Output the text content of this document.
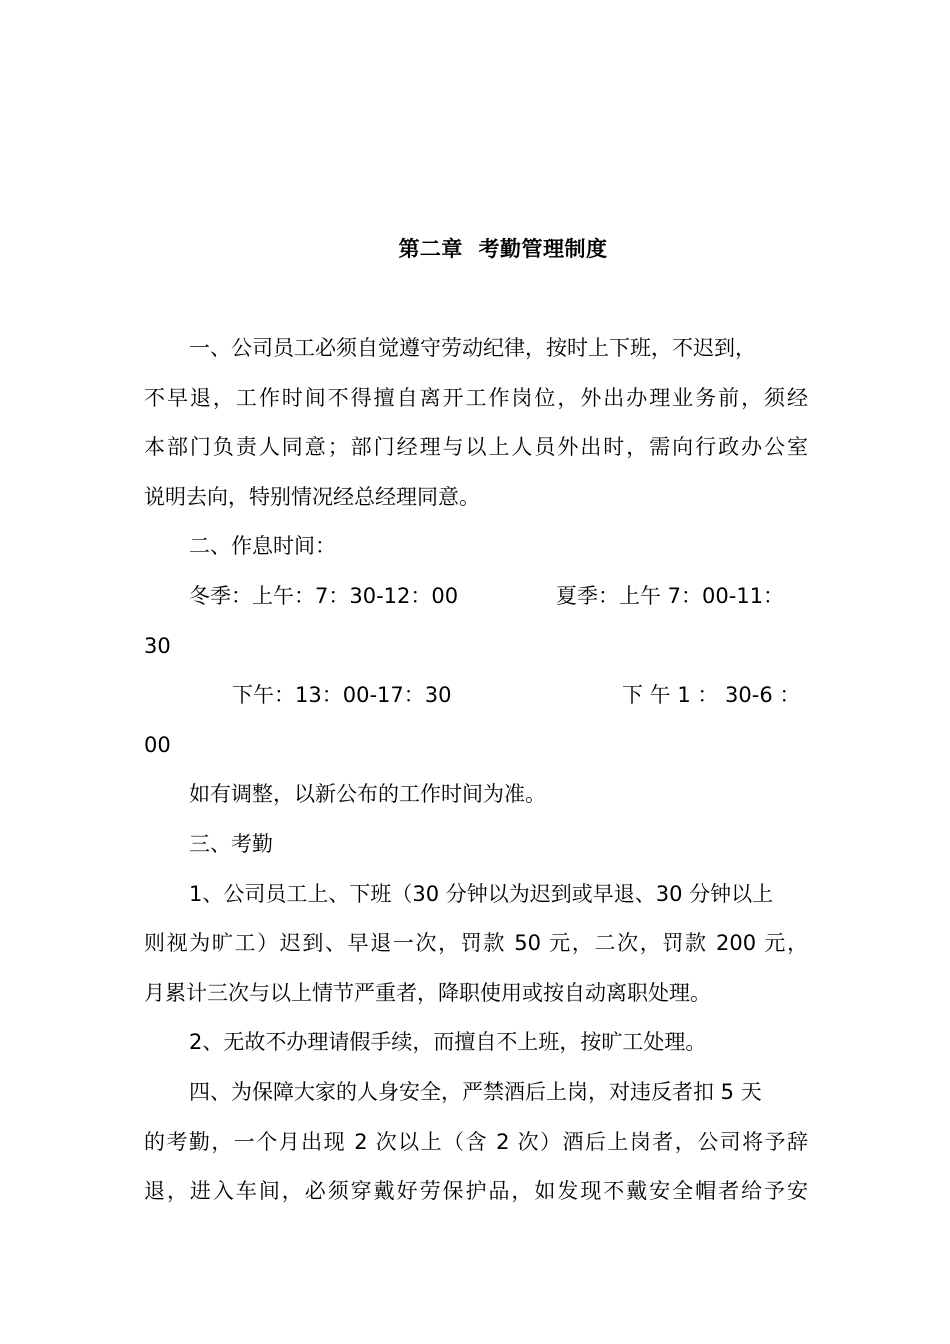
第二章  考勤管理制度
一、公司员工必须自觉遵守劳动纪律，按时上下班，不迟到，
不早退，工作时间不得擅自离开工作岗位，外出办理业务前，须经
本部门负责人同意；部门经理与以上人员外出时，需向行政办公室
说明去向，特别情况经总经理同意。
二、作息时间：
冬季：上午：7：30-12：00	夏季：上午 7：00-11：
30
下午：13：00-17：30	下 午 1 ： 30-6 ：
00
如有调整，以新公布的工作时间为准。
三、考勤
1、公司员工上、下班（30 分钟以为迟到或早退、30 分钟以上
则视为旷工）迟到、早退一次，罚款 50 元，二次，罚款 200 元，
月累计三次与以上情节严重者，降职使用或按自动离职处理。
2、无故不办理请假手续，而擅自不上班，按旷工处理。
四、为保障大家的人身安全，严禁酒后上岗，对违反者扣 5 天
的考勤，一个月出现 2 次以上（含 2 次）酒后上岗者，公司将予辞
退，进入车间，必须穿戴好劳保护品，如发现不戴安全帽者给予安
